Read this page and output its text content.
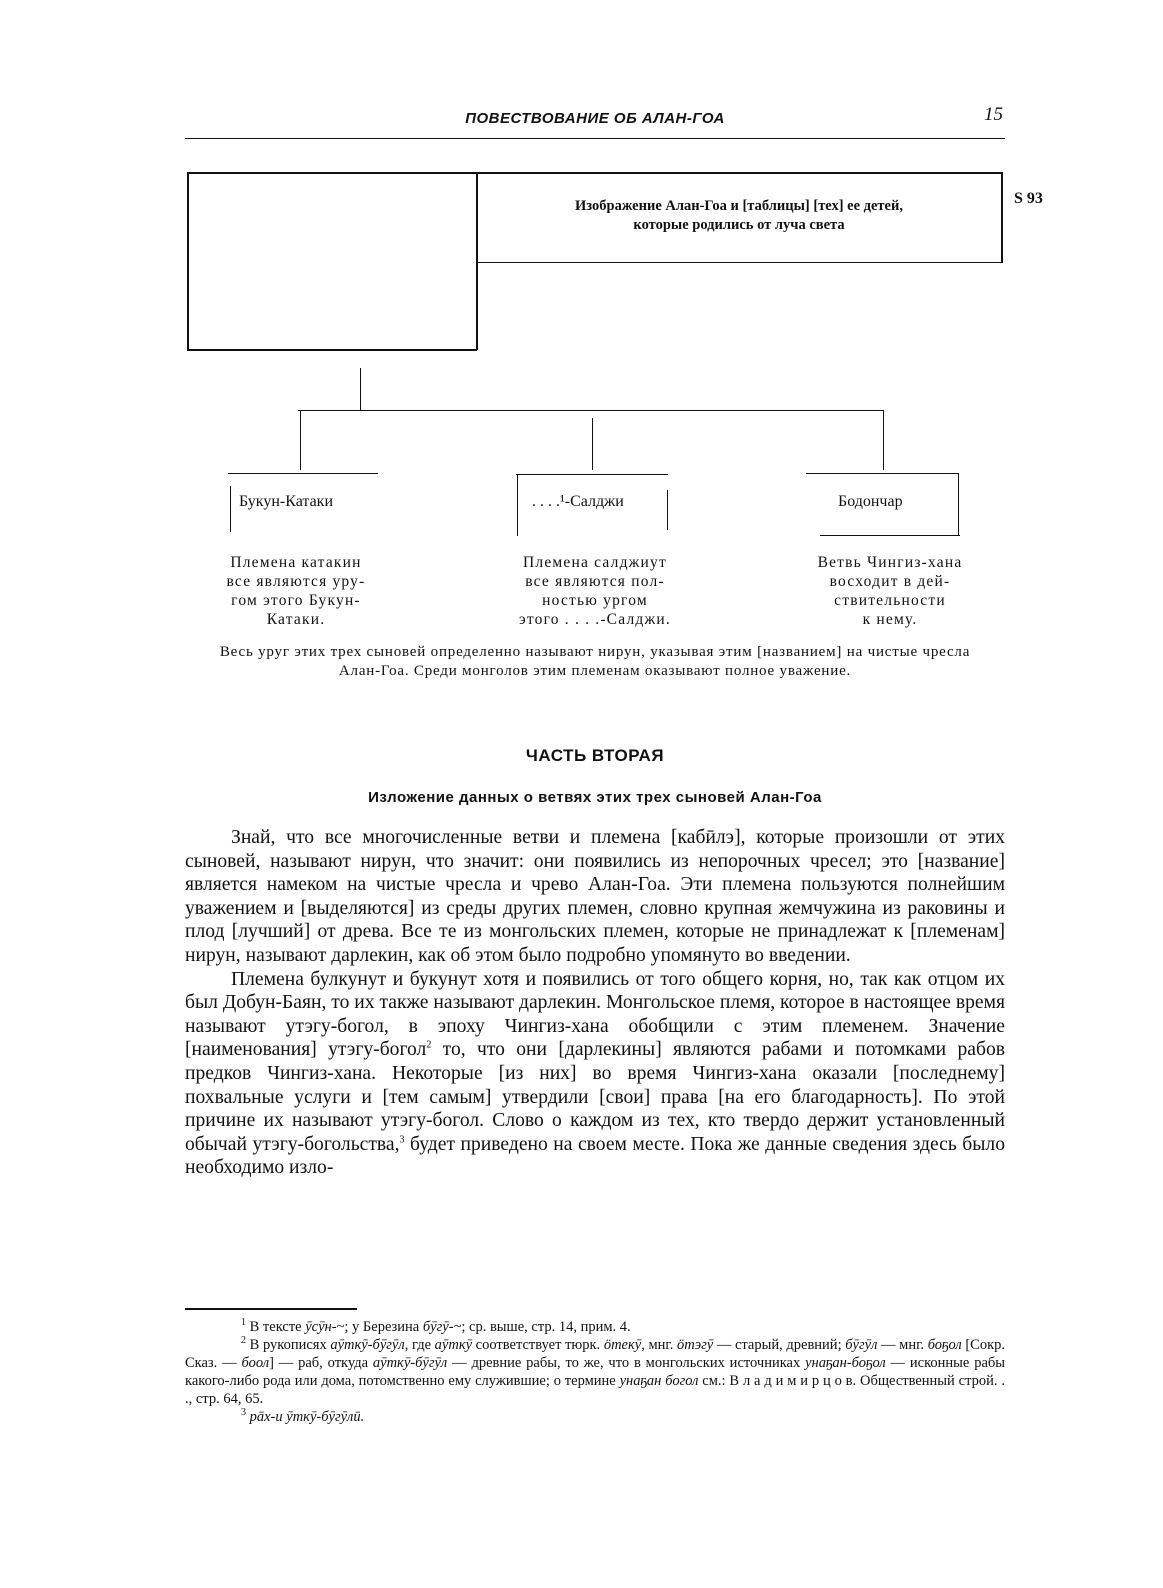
ПОВЕСТВОВАНИЕ ОБ АЛАН-ГОА	15
Изображение Алан-Гоа и [таблицы] [тех] ее детей,
которые родились от луча света
S 93
Букун-Катаки	. . . .¹-Салджи	Бодончар
Племена катакин
все являются уру-
гом этого Букун-
Катаки.
Племена салджиут
все являются пол-
ностью ургом
этого . . . .-Салджи.
Ветвь Чингиз-хана
восходит в дей-
ствительности
к нему.
Весь уруг этих трех сыновей определенно называют нирун, указывая этим [названием] на чистые чресла Алан-Гоа. Среди монголов этим племенам оказывают полное уважение.
ЧАСТЬ ВТОРАЯ
Изложение данных о ветвях этих трех сыновей Алан-Гоа

Знай, что все многочисленные ветви и племена [кабӣлэ], которые произошли от этих сыновей, называют нирун, что значит: они появились из непорочных чресел; это [название] является намеком на чистые чресла и чрево Алан-Гоа. Эти племена пользуются полнейшим уважением и [выделяются] из среды других племен, словно крупная жемчужина из раковины и плод [лучший] от древа. Все те из монгольских племен, которые не принадлежат к [племенам] нирун, называют дарлекин, как об этом было подробно упомянуто во введении.

Племена булкунут и букунут хотя и появились от того общего корня, но, так как отцом их был Добун-Баян, то их также называют дарлекин. Монгольское племя, которое в настоящее время называют утэгу-богол, в эпоху Чингиз-хана обобщили с этим племенем. Значение [наименования] утэгу-богол$^2$ то, что они [дарлекины] являются рабами и потомками рабов предков Чингиз-хана. Некоторые [из них] во время Чингиз-хана оказали [последнему] похвальные услуги и [тем самым] утвердили [свои] права [на его благодарность]. По этой причине их называют утэгу-богол. Слово о каждом из тех, кто твердо держит установленный обычай утэгу-богольства,$^3$ будет приведено на своем месте. Пока же данные сведения здесь было необходимо изло-

$^1$ В тексте ӯсӯн-~; у Березина бӯгӯ-~; ср. выше, стр. 14, прим. 4.

$^2$ В рукописях аӯткӯ-бӯгӯл, где аӯткӯ соответствует тюрк. ӧтекӯ, мнг. ӧтэгӯ — старый, древний; бӯгӯл — мнг. боҕол [Сокр. Сказ. — боол] — раб, откуда аӯткӯ-бӯгӯл — древние рабы, то же, что в монгольских источниках унаҕан-боҕол — исконные рабы какого-либо рода или дома, потомственно ему служившие; о термине унаҕан богол см.: В л а д и м и р ц о в. Общественный строй. . ., стр. 64, 65.

$^3$ рāх-и ӯткӯ-бӯгӯлӣ.
